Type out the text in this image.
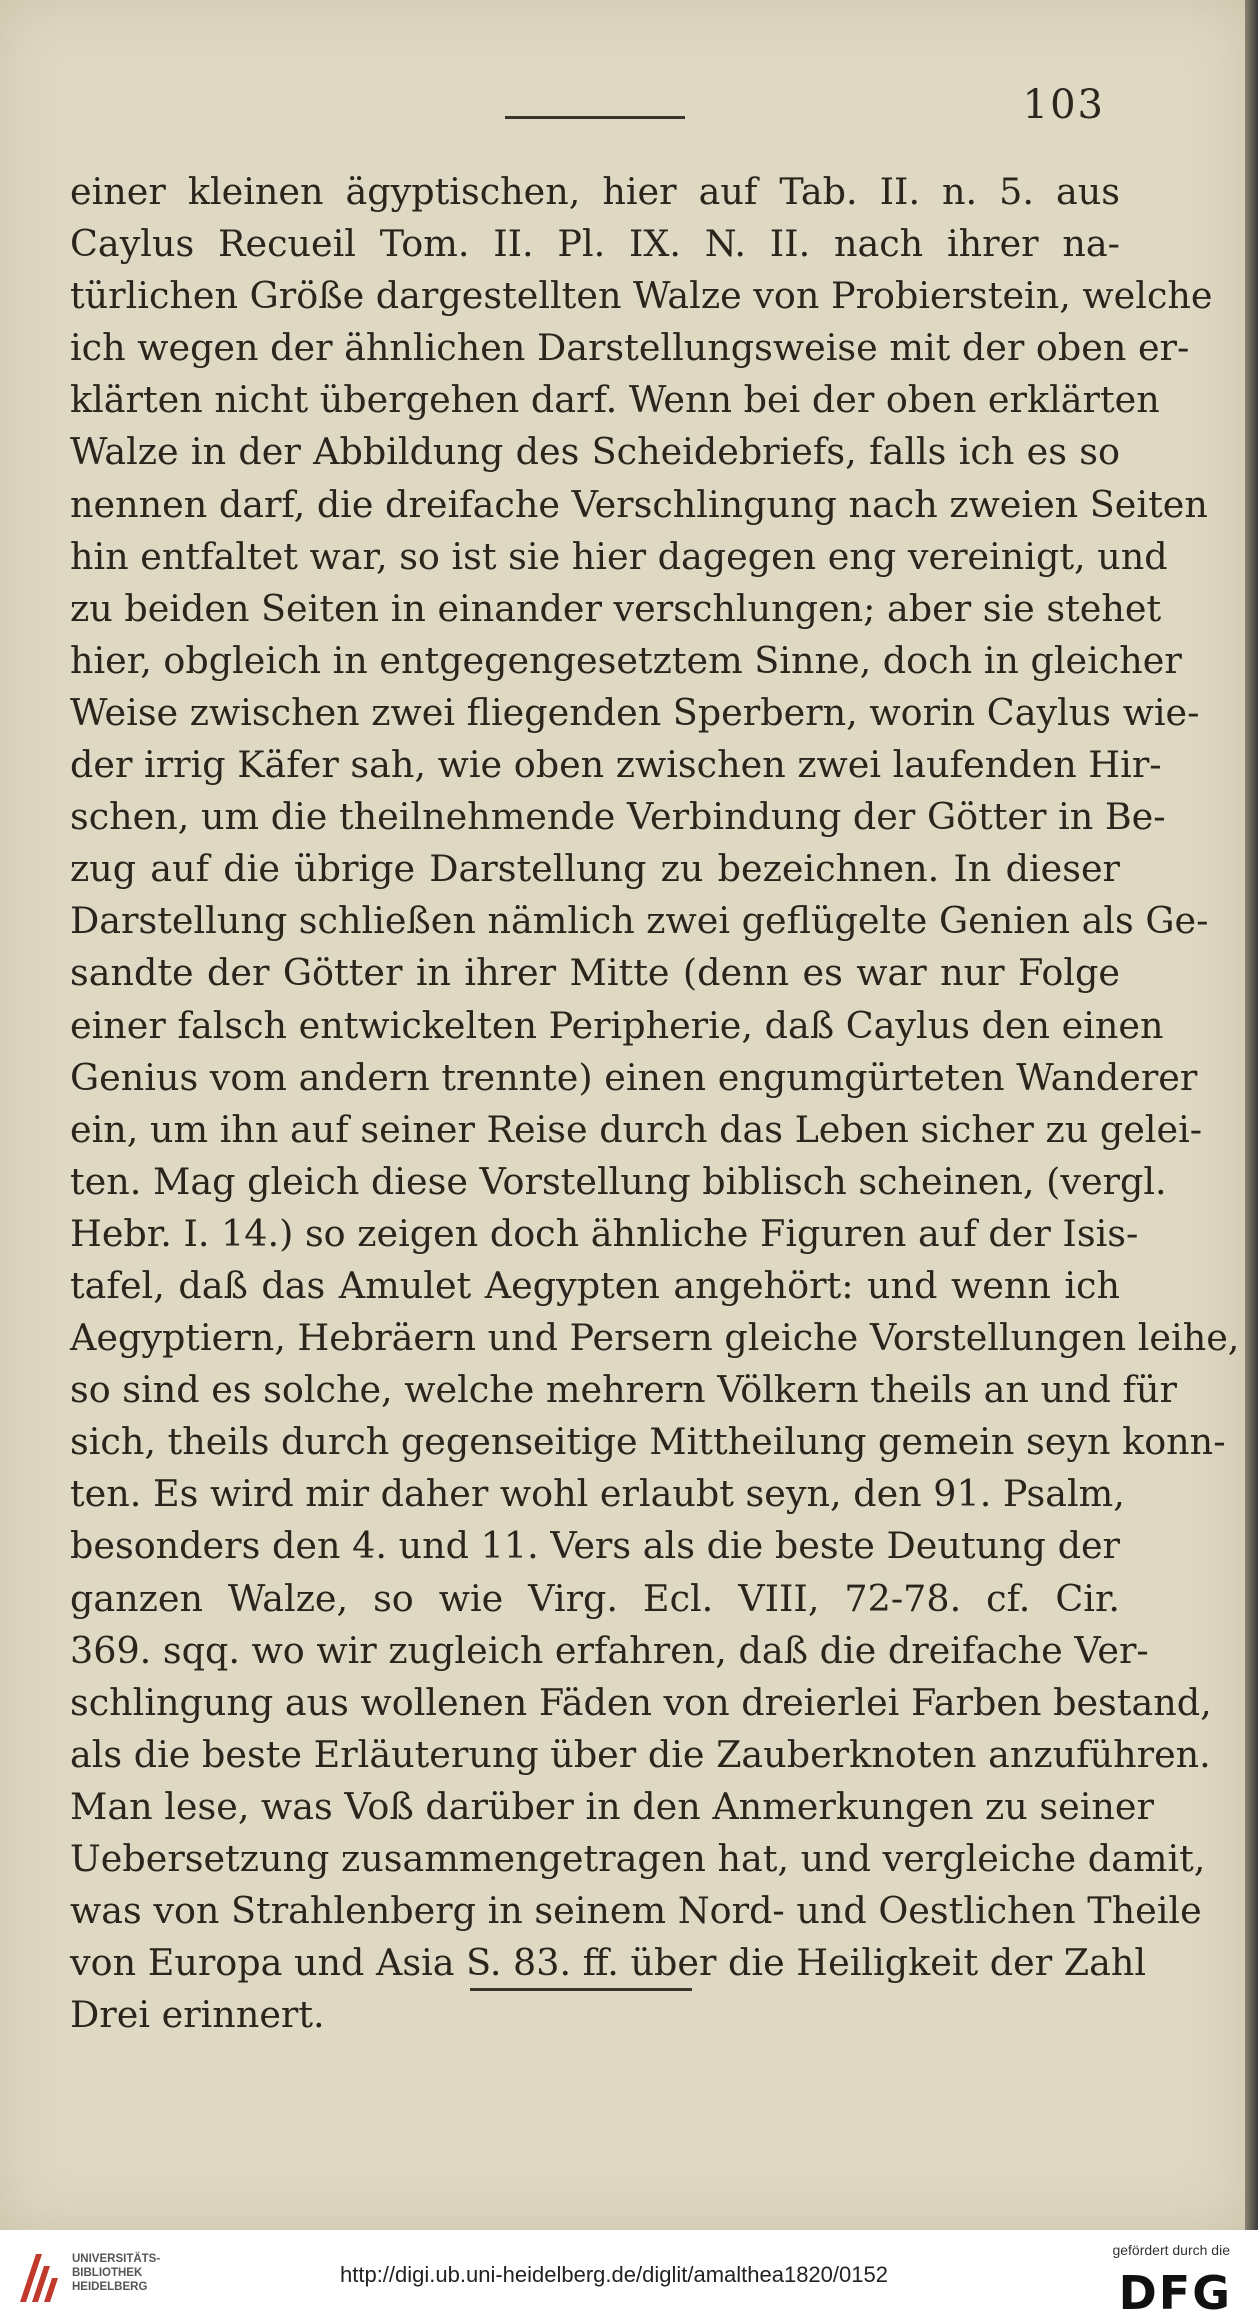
103
einer kleinen ägyptischen, hier auf Tab. II. n. 5. aus
Caylus Recueil Tom. II. Pl. IX. N. II. nach ihrer na-
türlichen Größe dargestellten Walze von Probierstein, welche
ich wegen der ähnlichen Darstellungsweise mit der oben er-
klärten nicht übergehen darf. Wenn bei der oben erklärten
Walze in der Abbildung des Scheidebriefs, falls ich es so
nennen darf, die dreifache Verschlingung nach zweien Seiten
hin entfaltet war, so ist sie hier dagegen eng vereinigt, und
zu beiden Seiten in einander verschlungen; aber sie stehet
hier, obgleich in entgegengesetztem Sinne, doch in gleicher
Weise zwischen zwei fliegenden Sperbern, worin Caylus wie-
der irrig Käfer sah, wie oben zwischen zwei laufenden Hir-
schen, um die theilnehmende Verbindung der Götter in Be-
zug auf die übrige Darstellung zu bezeichnen. In dieser
Darstellung schließen nämlich zwei geflügelte Genien als Ge-
sandte der Götter in ihrer Mitte (denn es war nur Folge
einer falsch entwickelten Peripherie, daß Caylus den einen
Genius vom andern trennte) einen engumgürteten Wanderer
ein, um ihn auf seiner Reise durch das Leben sicher zu gelei-
ten. Mag gleich diese Vorstellung biblisch scheinen, (vergl.
Hebr. I. 14.) so zeigen doch ähnliche Figuren auf der Isis-
tafel, daß das Amulet Aegypten angehört: und wenn ich
Aegyptiern, Hebräern und Persern gleiche Vorstellungen leihe,
so sind es solche, welche mehrern Völkern theils an und für
sich, theils durch gegenseitige Mittheilung gemein seyn konn-
ten. Es wird mir daher wohl erlaubt seyn, den 91. Psalm,
besonders den 4. und 11. Vers als die beste Deutung der
ganzen Walze, so wie Virg. Ecl. VIII, 72-78. cf. Cir.
369. sqq. wo wir zugleich erfahren, daß die dreifache Ver-
schlingung aus wollenen Fäden von dreierlei Farben bestand,
als die beste Erläuterung über die Zauberknoten anzuführen.
Man lese, was Voß darüber in den Anmerkungen zu seiner
Uebersetzung zusammengetragen hat, und vergleiche damit,
was von Strahlenberg in seinem Nord- und Oestlichen Theile
von Europa und Asia S. 83. ff. über die Heiligkeit der Zahl
Drei erinnert.
UNIVERSITÄTS-
BIBLIOTHEK
HEIDELBERG	http://digi.ub.uni-heidelberg.de/diglit/amalthea1820/0152
gefördert durch die
DFG
